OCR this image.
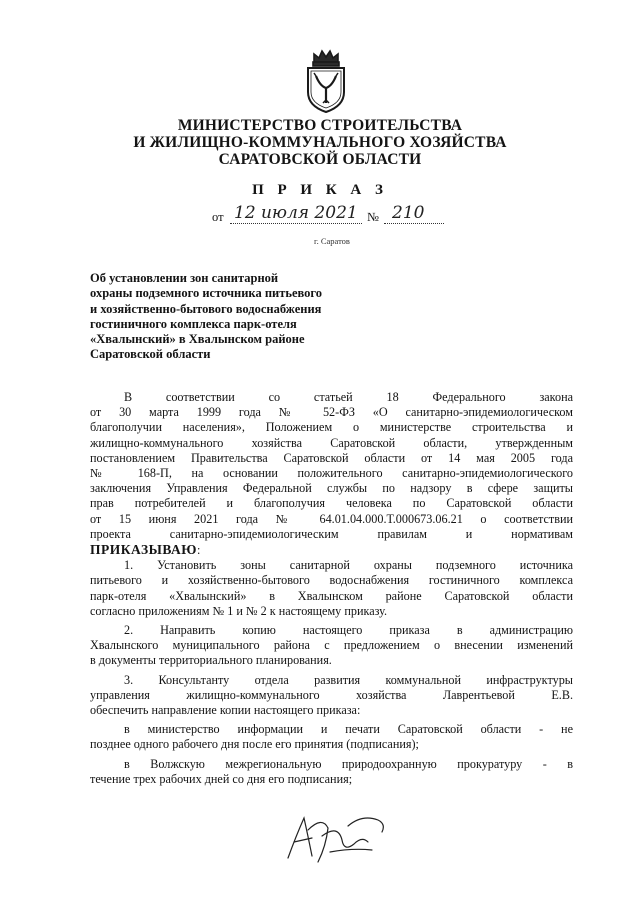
МИНИСТЕРСТВО СТРОИТЕЛЬСТВА
И ЖИЛИЩНО-КОММУНАЛЬНОГО ХОЗЯЙСТВА
САРАТОВСКОЙ ОБЛАСТИ
П Р И К А З
от 12 июля 2021 № 210
г. Саратов
Об установлении зон санитарной
охраны подземного источника питьевого
и хозяйственно-бытового водоснабжения
гостиничного комплекса парк-отеля
«Хвалынский» в Хвалынском районе
Саратовской области
В соответствии со статьей 18 Федерального закона
от 30 марта 1999 года № 52-ФЗ «О санитарно-эпидемиологическом
благополучии населения», Положением о министерстве строительства и
жилищно-коммунального хозяйства Саратовской области, утвержденным
постановлением Правительства Саратовской области от 14 мая 2005 года
№ 168-П, на основании положительного санитарно-эпидемиологического
заключения Управления Федеральной службы по надзору в сфере защиты
прав потребителей и благополучия человека по Саратовской области
от 15 июня 2021 года № 64.01.04.000.Т.000673.06.21 о соответствии
проекта санитарно-эпидемиологическим правилам и нормативам
ПРИКАЗЫВАЮ:
1. Установить зоны санитарной охраны подземного источника
питьевого и хозяйственно-бытового водоснабжения гостиничного комплекса
парк-отеля «Хвалынский» в Хвалынском районе Саратовской области
согласно приложениям № 1 и № 2 к настоящему приказу.
2. Направить копию настоящего приказа в администрацию
Хвалынского муниципального района с предложением о внесении изменений
в документы территориального планирования.
3. Консультанту отдела развития коммунальной инфраструктуры
управления жилищно-коммунального хозяйства Лаврентьевой Е.В.
обеспечить направление копии настоящего приказа:
в министерство информации и печати Саратовской области - не
позднее одного рабочего дня после его принятия (подписания);
в Волжскую межрегиональную природоохранную прокуратуру - в
течение трех рабочих дней со дня его подписания;
